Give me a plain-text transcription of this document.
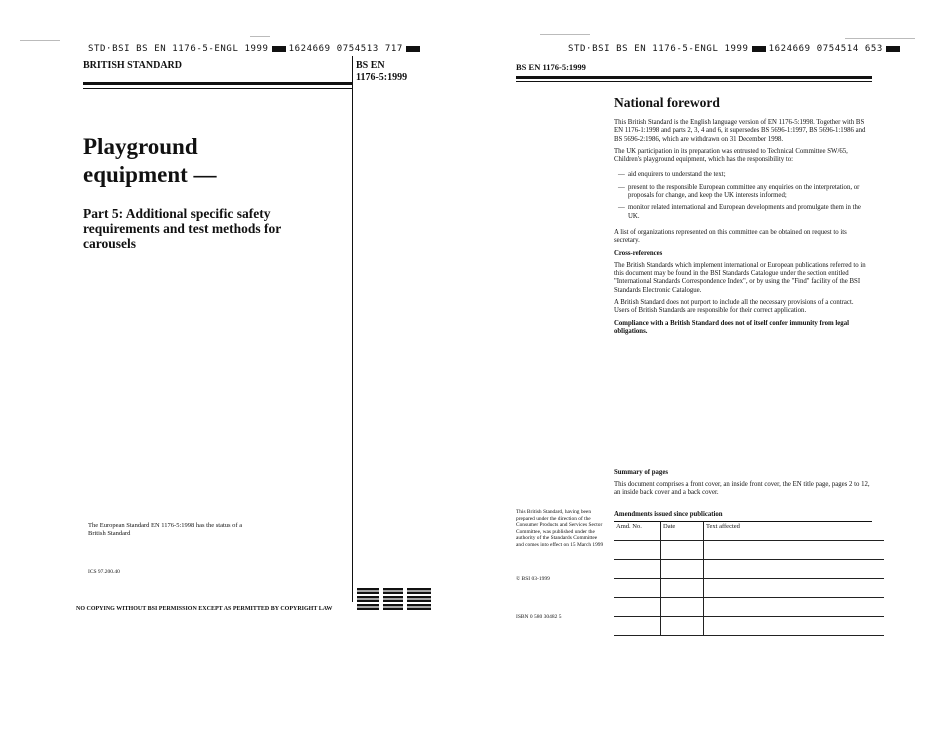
STD·BSI BS EN 1176-5-ENGL 1999 1624669 0754513 717
BRITISH STANDARD	BS EN
1176-5:1999
Playground
equipment —
Part 5: Additional specific safety
requirements and test methods for
carousels
The European Standard EN 1176-5:1998 has the status of a
British Standard
ICS 97.200.40
NO COPYING WITHOUT BSI PERMISSION EXCEPT AS PERMITTED BY COPYRIGHT LAW
STD·BSI BS EN 1176-5-ENGL 1999 1624669 0754514 653
BS EN 1176-5:1999
National foreword

This British Standard is the English language version of EN 1176-5:1998. Together with BS EN 1176-1:1998 and parts 2, 3, 4 and 6, it supersedes BS 5696-1:1997, BS 5696-1:1986 and BS 5696-2:1986, which are withdrawn on 31 December 1998.

The UK participation in its preparation was entrusted to Technical Committee SW/65, Children's playground equipment, which has the responsibility to:

— aid enquirers to understand the text;
— present to the responsible European committee any enquiries on the interpretation, or proposals for change, and keep the UK interests informed;
— monitor related international and European developments and promulgate them in the UK.

A list of organizations represented on this committee can be obtained on request to its secretary.

Cross-references

The British Standards which implement international or European publications referred to in this document may be found in the BSI Standards Catalogue under the section entitled "International Standards Correspondence Index", or by using the "Find" facility of the BSI Standards Electronic Catalogue.

A British Standard does not purport to include all the necessary provisions of a contract. Users of British Standards are responsible for their correct application.

Compliance with a British Standard does not of itself confer immunity from legal obligations.

Summary of pages
This document comprises a front cover, an inside front cover, the EN title page, pages 2 to 12, an inside back cover and a back cover.
This British Standard, having been prepared under the direction of the Consumer Products and Services Sector Committee, was published under the authority of the Standards Committee and comes into effect on 15 March 1999
© BSI 03-1999
ISBN 0 580 30482 5
Amendments issued since publication
Amd. No.	Date	Text affected
